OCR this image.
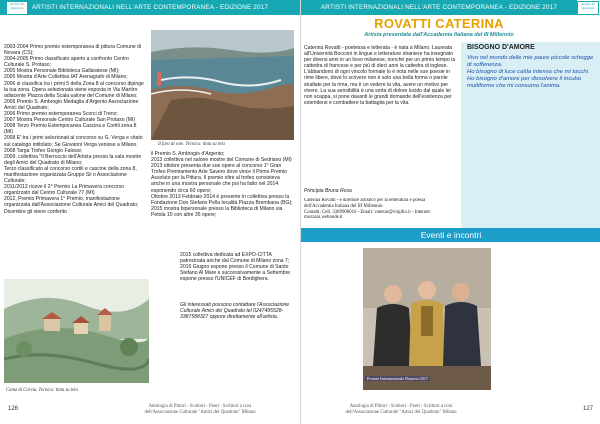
ARTISTI INTERNAZIONALI NELL'ARTE CONTEMPORANEA - EDIZIONE 2017
Artisti del Quadrato
2003-2004 Primo premio estemporanea di pittura Comune di Novara (CS);
2004-2005 Primo classificato aperto a confronto Centro Culturale S. Protaso;
2005 Mostra Personale Biblioteca Gallaratese (MI);
2005 Mostra d'Arte Collettiva IAT Arenagrafo di Milano;
2006 si classifica tra i primi 5 della Zona 8 al concorso dipinge la tua zona. Opera selezionata viene esposta in Via Martiro adiacente Piazza della Scala salone del Comune di Milano;
2006 Premio S. Ambrogio Medaglia d'Argento Associazione Amici del Quadrato;
2006 Primo premio estemporanea Scorci di Treno;
2007 Mostra Personale Centro Culturale San Protaso (MI)
2008 Terzo Premio Estemporanea Cascina e Cortili zona 8 (MI)
2008 E' tra i primi selezionati al concorso su G. Verga e citato sul catalogo intitolato: Se Giovanni Verga venisse a Milano.
2008 Targa Trofeo Giorgio Falossi;
2009, collettiva "Il Berruccio dell'Artista presso la sala mostre degli Amici del Quadrato di Milano;
Terzo classificato al concorso cortili e cascine della zona 8, manifestazione organizzata Gruppo Sii o Associazione Culturale;
2011/2012 riceve il 2° Premio La Primavera concorso organizzato dal Centro Culturale 77 (MI)
2012, Premio Primavera 1° Premio, manifestazione organizzata dall'Associazione Culturale Amici del Quadrato; Dicembre gli viene conferito
Il faro di sole. Tecnica: tinta su tela
il Premio S. Ambrogio d'Argento;
2013 collettiva nel salone mostre del Comune di Sedriano (MI)
2013 ottobre presenta due sue opere al concorso 1° Gran Trofeo Premiamento Arte Savero dove vince il Primo Premio Assoluto per la Pittura. Il premio oltre al trofeo consisteva anche in una mostra personale che poi ha fatto nel 2014 esponendo circa 60 opere;
Ottobre 2013 Febbraio 2014 è presente in collettiva presso la Fondazione Don Stefano Pella località Piazza Brembana (BG);
2015 mostra bipersonale presso la Biblioteca di Milano via Petola 10 con altre 35 opere;
Cama di Corvia. Tecnica: tinta su tela
2015 collettiva dedicata ad EXPO-CITTA patrocinata anche dal Comune di Milano zona 7;
2016 Giugno espone presso il Comune di Santo Stefano Al Mare e successivamente a Settembre espone presso l'UNICEF di Bordighera.
Gli interessati possono contattare l'Associazione Culturale Amici del Quadrato tel 0247495528-3387588327 oppure direttamente all'artista.
Antologia di Pittori - Scultori - Poeti - Scrittori a cura
dell'Associazione Culturale "Amici del Quadrato" Milano
126
ARTISTI INTERNAZIONALI NELL'ARTE CONTEMPORANEA - EDIZIONE 2017	Artisti del Quadrato
ROVATTI CATERINA
Artista presentata dall'Accademia Italiana del III Millennio
Caterina Rovatti - poetessa e letterata - è nata a Milano. Laureata all'Università Bocconi in lingue e letterature straniere ha insegnato per diversi anni in un liceo milanese, nonché per un primo tempo la cattedra di francese e per più di dieci anni la cattedra di inglese.
L'abbandono di ogni vincolo formale lo è nota nelle sue poesie in rime libere, dove lo scrivere non è solo una bella forma o parole studiate per la rima, ma è un vedere la vita, avere un motivo per vivere. La sua sensibilità è una sorta di dolore lucido dal quale lei non scappa, si pone davanti le grandi domande dell'esistenza per estendersi e combattere la battaglia per la vita.
Principia Bruna Rosa
BISOGNO D'AMORE
Vivo nel mondo delle mie paure piccole schegge di sofferenza.
Ho bisogno di luce calda intensa che mi tocchi.
Ho bisogno d'amore per dissolvere il incubo multiforme che mi consuma l'anima.
Caterina Rovatti - è direttore artistico per la letteratura e poesia dell'Accademia Italiana del III Millennio.
Contatti: Cell. 3389906016 - Email: vanetar@virgilio.it - Internet: mozzani.webnode.it
Eventi e incontri
Premio Internazionale Bonzesi 2017
Antologia di Pittori - Scultori - Poeti - Scrittori a cura
dell'Associazione Culturale "Amici del Quadrato" Milano
127
